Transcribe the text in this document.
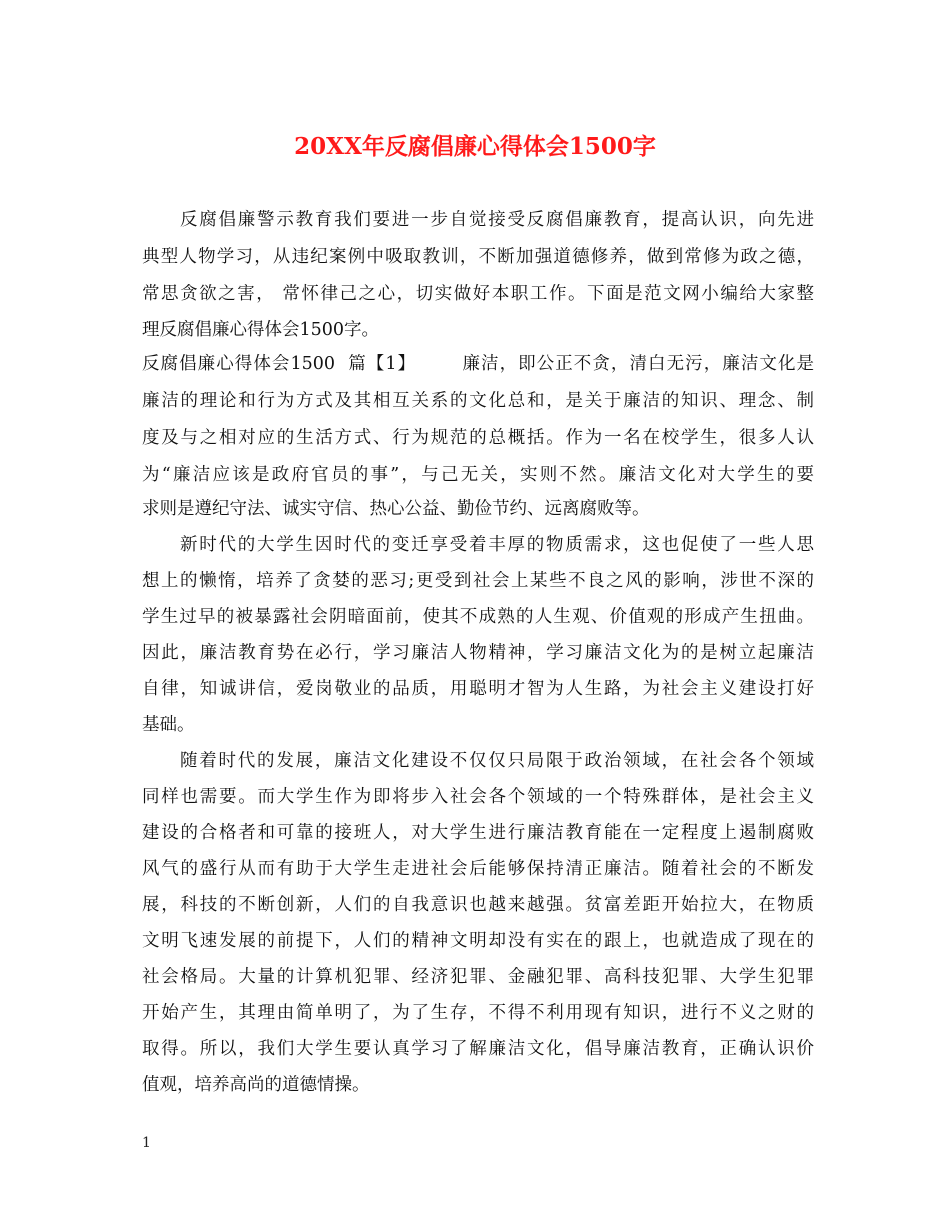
20XX年反腐倡廉心得体会1500字

反腐倡廉警示教育我们要进一步自觉接受反腐倡廉教育，提高认识，向先进

典型人物学习，从违纪案例中吸取教训，不断加强道德修养，做到常修为政之德，

常思贪欲之害， 常怀律己之心，切实做好本职工作。下面是范文网小编给大家整

理反腐倡廉心得体会1500字。

反腐倡廉心得体会1500  篇【1】       廉洁，即公正不贪，清白无污，廉洁文化是

廉洁的理论和行为方式及其相互关系的文化总和，是关于廉洁的知识、理念、制

度及与之相对应的生活方式、行为规范的总概括。作为一名在校学生，很多人认

为“廉洁应该是政府官员的事”，与己无关，实则不然。廉洁文化对大学生的要

求则是遵纪守法、诚实守信、热心公益、勤俭节约、远离腐败等。

新时代的大学生因时代的变迁享受着丰厚的物质需求，这也促使了一些人思

想上的懒惰，培养了贪婪的恶习;更受到社会上某些不良之风的影响，涉世不深的

学生过早的被暴露社会阴暗面前，使其不成熟的人生观、价值观的形成产生扭曲。

因此，廉洁教育势在必行，学习廉洁人物精神，学习廉洁文化为的是树立起廉洁

自律，知诚讲信，爱岗敬业的品质，用聪明才智为人生路，为社会主义建设打好

基础。

随着时代的发展，廉洁文化建设不仅仅只局限于政治领域，在社会各个领域

同样也需要。而大学生作为即将步入社会各个领域的一个特殊群体，是社会主义

建设的合格者和可靠的接班人，对大学生进行廉洁教育能在一定程度上遏制腐败

风气的盛行从而有助于大学生走进社会后能够保持清正廉洁。随着社会的不断发

展，科技的不断创新，人们的自我意识也越来越强。贫富差距开始拉大，在物质

文明飞速发展的前提下，人们的精神文明却没有实在的跟上，也就造成了现在的

社会格局。大量的计算机犯罪、经济犯罪、金融犯罪、高科技犯罪、大学生犯罪

开始产生，其理由简单明了，为了生存，不得不利用现有知识，进行不义之财的

取得。所以，我们大学生要认真学习了解廉洁文化，倡导廉洁教育，正确认识价

值观，培养高尚的道德情操。

1
